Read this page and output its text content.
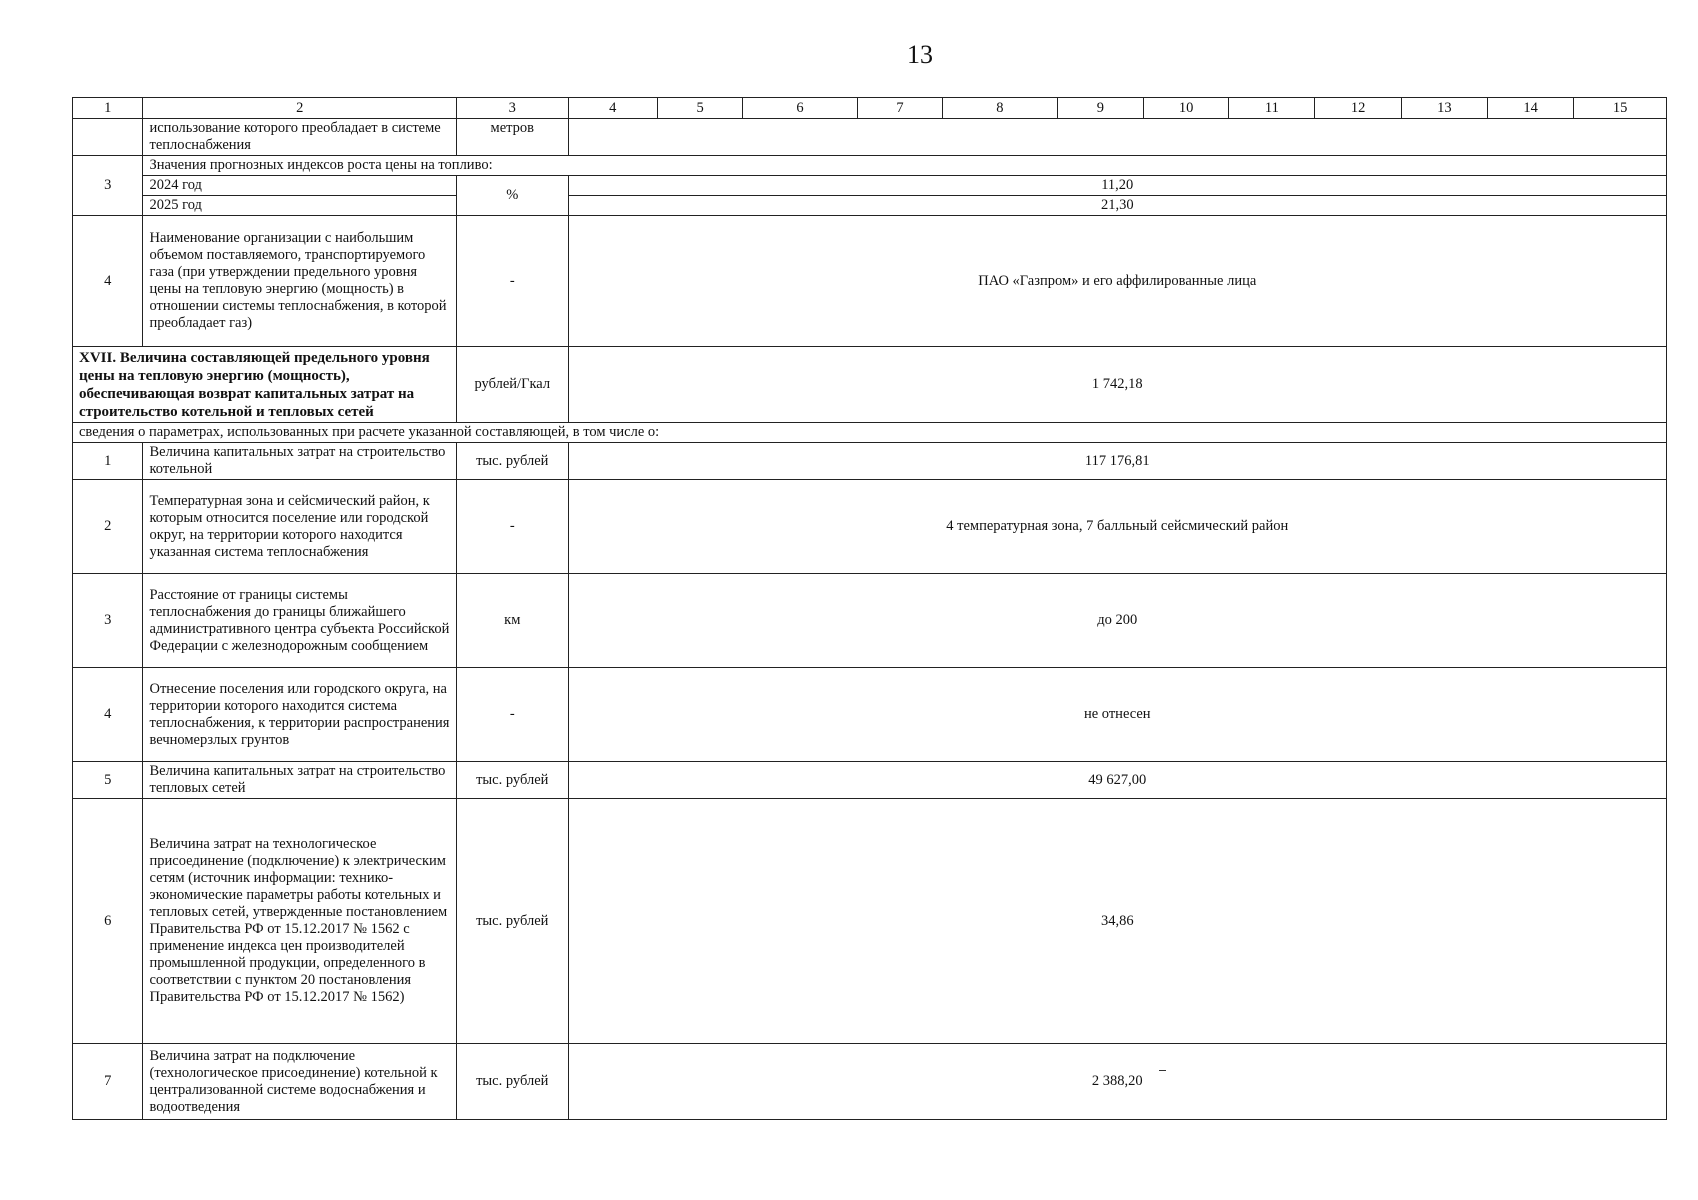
13
1	2	3	4	5	6	7	8	9	10	11	12	13	14	15
	использование которого преобладает в системе теплоснабжения	метров												
3	Значения прогнозных индексов роста цены на топливо:													
	2024 год	%	11,20											
	2025 год		21,30											
4	Наименование организации с наибольшим объемом поставляемого, транспортируемого газа (при утверждении предельного уровня цены на тепловую энергию (мощность) в отношении системы теплоснабжения, в которой преобладает газ)	-	ПАО «Газпром» и его аффилированные лица											
XVII. Величина составляющей предельного уровня цены на тепловую энергию (мощность), обеспечивающая возврат капитальных затрат на строительство котельной и тепловых сетей		рублей/Гкал	1 742,18											
сведения о параметрах, использованных при расчете указанной составляющей, в том числе о:														
1	Величина капитальных затрат на строительство котельной	тыс. рублей	117 176,81											
2	Температурная зона и сейсмический район, к которым относится поселение или городской округ, на территории которого находится указанная система теплоснабжения	-	4 температурная зона, 7 балльный сейсмический район											
3	Расстояние от границы системы теплоснабжения до границы ближайшего административного центра субъекта Российской Федерации с железнодорожным сообщением	км	до 200											
4	Отнесение поселения или городского округа, на территории которого находится система теплоснабжения, к территории распространения вечномерзлых грунтов	-	не отнесен											
5	Величина капитальных затрат на строительство тепловых сетей	тыс. рублей	49 627,00											
6	Величина затрат на технологическое присоединение (подключение) к электрическим сетям (источник информации: технико-экономические параметры работы котельных и тепловых сетей, утвержденные постановлением Правительства РФ от 15.12.2017 № 1562 с применение индекса цен производителей промышленной продукции, определенного в соответствии с пунктом 20 постановления Правительства РФ от 15.12.2017 № 1562)	тыс. рублей	34,86											
7	Величина затрат на подключение (технологическое присоединение) котельной к централизованной системе водоснабжения и водоотведения	тыс. рублей	2 388,20											
